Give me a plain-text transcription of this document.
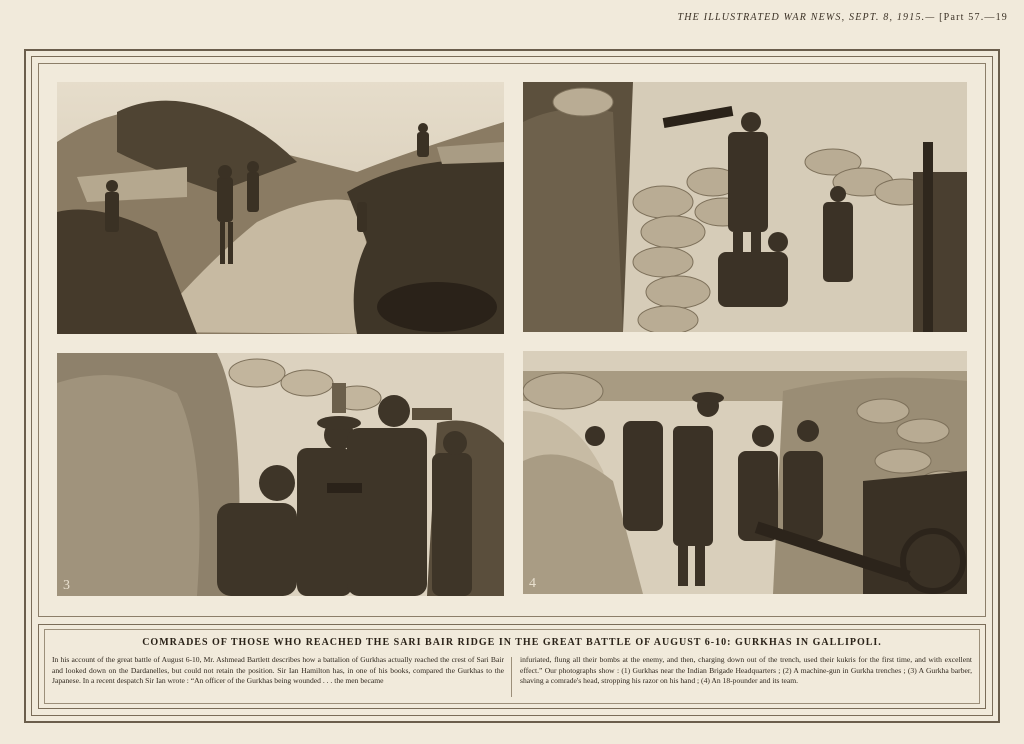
THE ILLUSTRATED WAR NEWS, SEPT. 8, 1915.— [Part 57.—19
3	4
COMRADES OF THOSE WHO REACHED THE SARI BAIR RIDGE IN THE GREAT BATTLE OF AUGUST 6-10: GURKHAS IN GALLIPOLI.
In his account of the great battle of August 6-10, Mr. Ashmead Bartlett describes how a battalion of Gurkhas actually reached the crest of Sari Bair and looked down on the Dardanelles, but could not retain the position. Sir Ian Hamilton has, in one of his books, compared the Gurkhas to the Japanese. In a recent despatch Sir Ian wrote : “An officer of the Gurkhas being wounded . . . the men became
infuriated, flung all their bombs at the enemy, and then, charging down out of the trench, used their kukris for the first time, and with excellent effect.” Our photographs show : (1) Gurkhas near the Indian Brigade Headquarters ; (2) A machine-gun in Gurkha trenches ; (3) A Gurkha barber, shaving a comrade's head, stropping his razor on his hand ; (4) An 18-pounder and its team.
